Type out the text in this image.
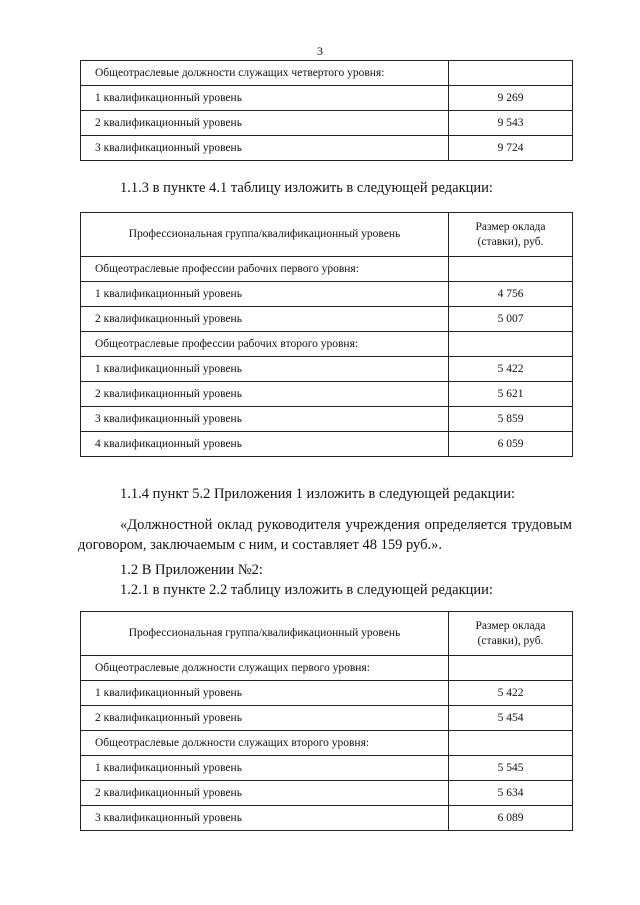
3
Общеотраслевые должности служащих четвертого уровня:	
1 квалификационный уровень	9 269
2 квалификационный уровень	9 543
3 квалификационный уровень	9 724

1.1.3 в пункте 4.1 таблицу изложить в следующей редакции:

Профессиональная группа/квалификационный уровень	Размер оклада
(ставки), руб.

Общеотраслевые профессии рабочих первого уровня:	
1 квалификационный уровень	4 756
2 квалификационный уровень	5 007
Общеотраслевые профессии рабочих второго уровня:	
1 квалификационный уровень	5 422
2 квалификационный уровень	5 621
3 квалификационный уровень	5 859
4 квалификационный уровень	6 059

1.1.4 пункт 5.2 Приложения 1 изложить в следующей редакции:

«Должностной оклад руководителя учреждения определяется трудовым договором, заключаемым с ним, и составляет 48 159 руб.».

1.2 В Приложении №2:

1.2.1 в пункте 2.2 таблицу изложить в следующей редакции:

Профессиональная группа/квалификационный уровень	Размер оклада
(ставки), руб.

Общеотраслевые должности служащих первого уровня:	
1 квалификационный уровень	5 422
2 квалификационный уровень	5 454
Общеотраслевые должности служащих второго уровня:	
1 квалификационный уровень	5 545
2 квалификационный уровень	5 634
3 квалификационный уровень	6 089
